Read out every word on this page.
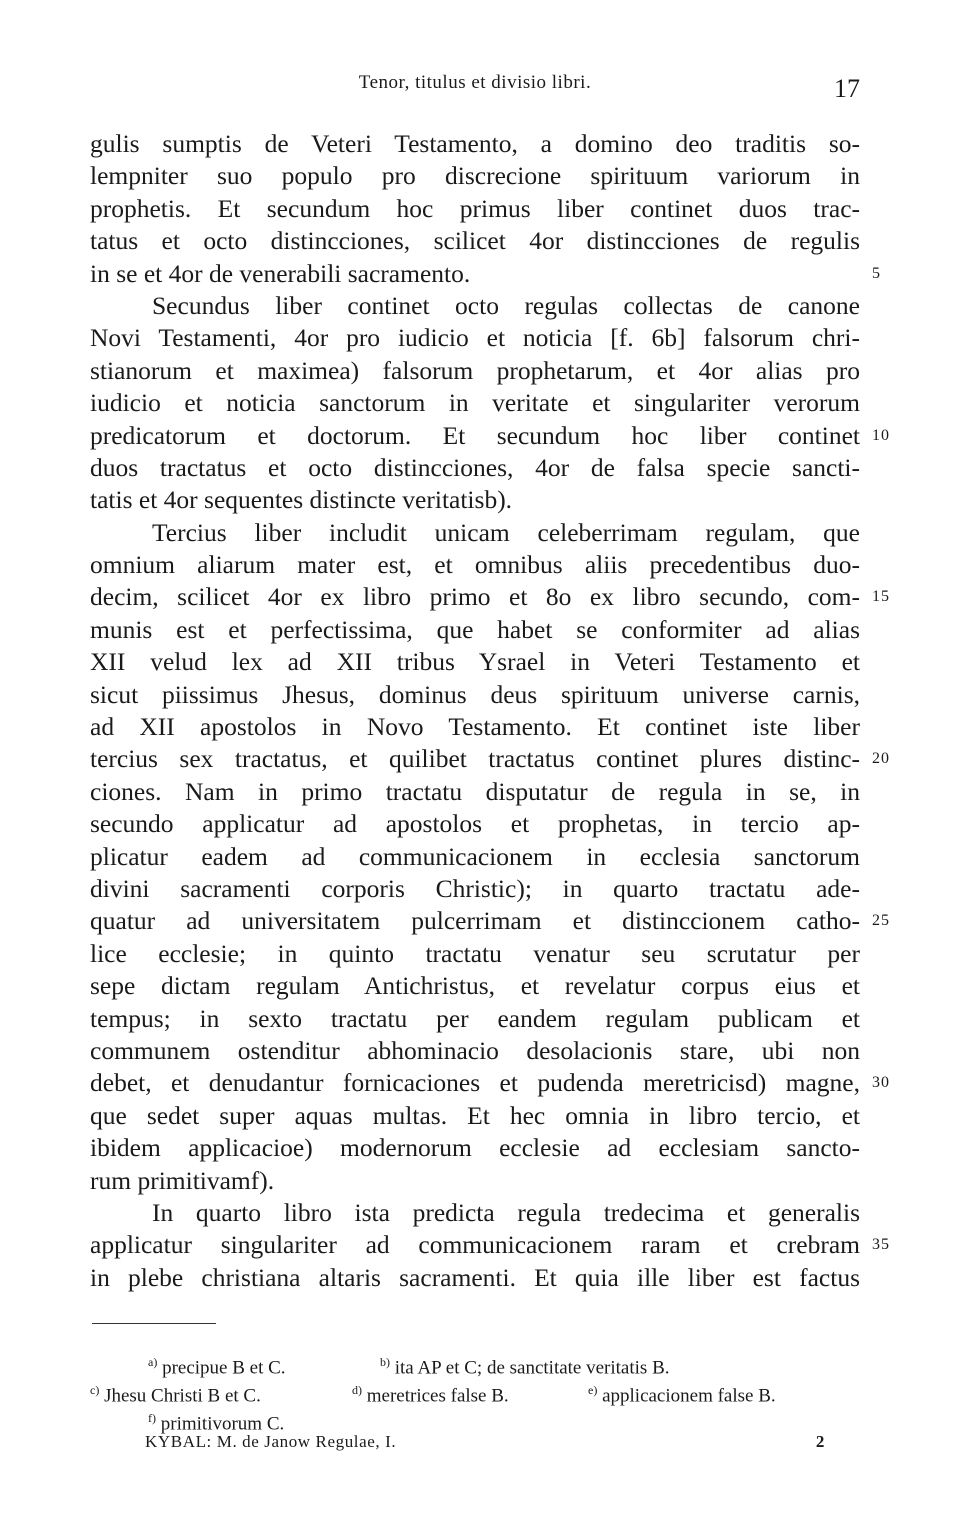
Tenor, titulus et divisio libri.	17
gulis sumptis de Veteri Testamento, a domino deo traditis so-
lempniter suo populo pro discrecione spirituum variorum in
prophetis. Et secundum hoc primus liber continet duos trac-
tatus et octo distincciones, scilicet 4or distincciones de regulis
in se et 4or de venerabili sacramento.	5
Secundus liber continet octo regulas collectas de canone
Novi Testamenti, 4or pro iudicio et noticia [f. 6b] falsorum chri-
stianorum et maximea) falsorum prophetarum, et 4or alias pro
iudicio et noticia sanctorum in veritate et singulariter verorum
predicatorum et doctorum. Et secundum hoc liber continet 10
duos tractatus et octo distincciones, 4or de falsa specie sancti-
tatis et 4or sequentes distincte veritatisb).
Tercius liber includit unicam celeberrimam regulam, que
omnium aliarum mater est, et omnibus aliis precedentibus duo-
decim, scilicet 4or ex libro primo et 8o ex libro secundo, com- 15
munis est et perfectissima, que habet se conformiter ad alias
XII velud lex ad XII tribus Ysrael in Veteri Testamento et
sicut piissimus Jhesus, dominus deus spirituum universe carnis,
ad XII apostolos in Novo Testamento. Et continet iste liber
tercius sex tractatus, et quilibet tractatus continet plures distinc- 20
ciones. Nam in primo tractatu disputatur de regula in se, in
secundo applicatur ad apostolos et prophetas, in tercio ap-
plicatur eadem ad communicacionem in ecclesia sanctorum
divini sacramenti corporis Christic); in quarto tractatu ade-
quatur ad universitatem pulcerrimam et distinccionem catho- 25
lice ecclesie; in quinto tractatu venatur seu scrutatur per
sepe dictam regulam Antichristus, et revelatur corpus eius et
tempus; in sexto tractatu per eandem regulam publicam et
communem ostenditur abhominacio desolacionis stare, ubi non
debet, et denudantur fornicaciones et pudenda meretricisd) magne, 30
que sedet super aquas multas. Et hec omnia in libro tercio, et
ibidem applicacioe) modernorum ecclesie ad ecclesiam sancto-
rum primitivamf).
In quarto libro ista predicta regula tredecima et generalis
applicatur singulariter ad communicacionem raram et crebram 35
in plebe christiana altaris sacramenti. Et quia ille liber est factus
$^{a)}$ precipue B et C.	$^{b)}$ ita AP et C; de sanctitate veritatis B.
$^{c)}$ Jhesu Christi B et C.	$^{d)}$ meretrices false B.	$^{e)}$ applicacionem false B.
$^{f)}$ primitivorum C.
KYBAL: M. de Janow Regulae, I.	2
